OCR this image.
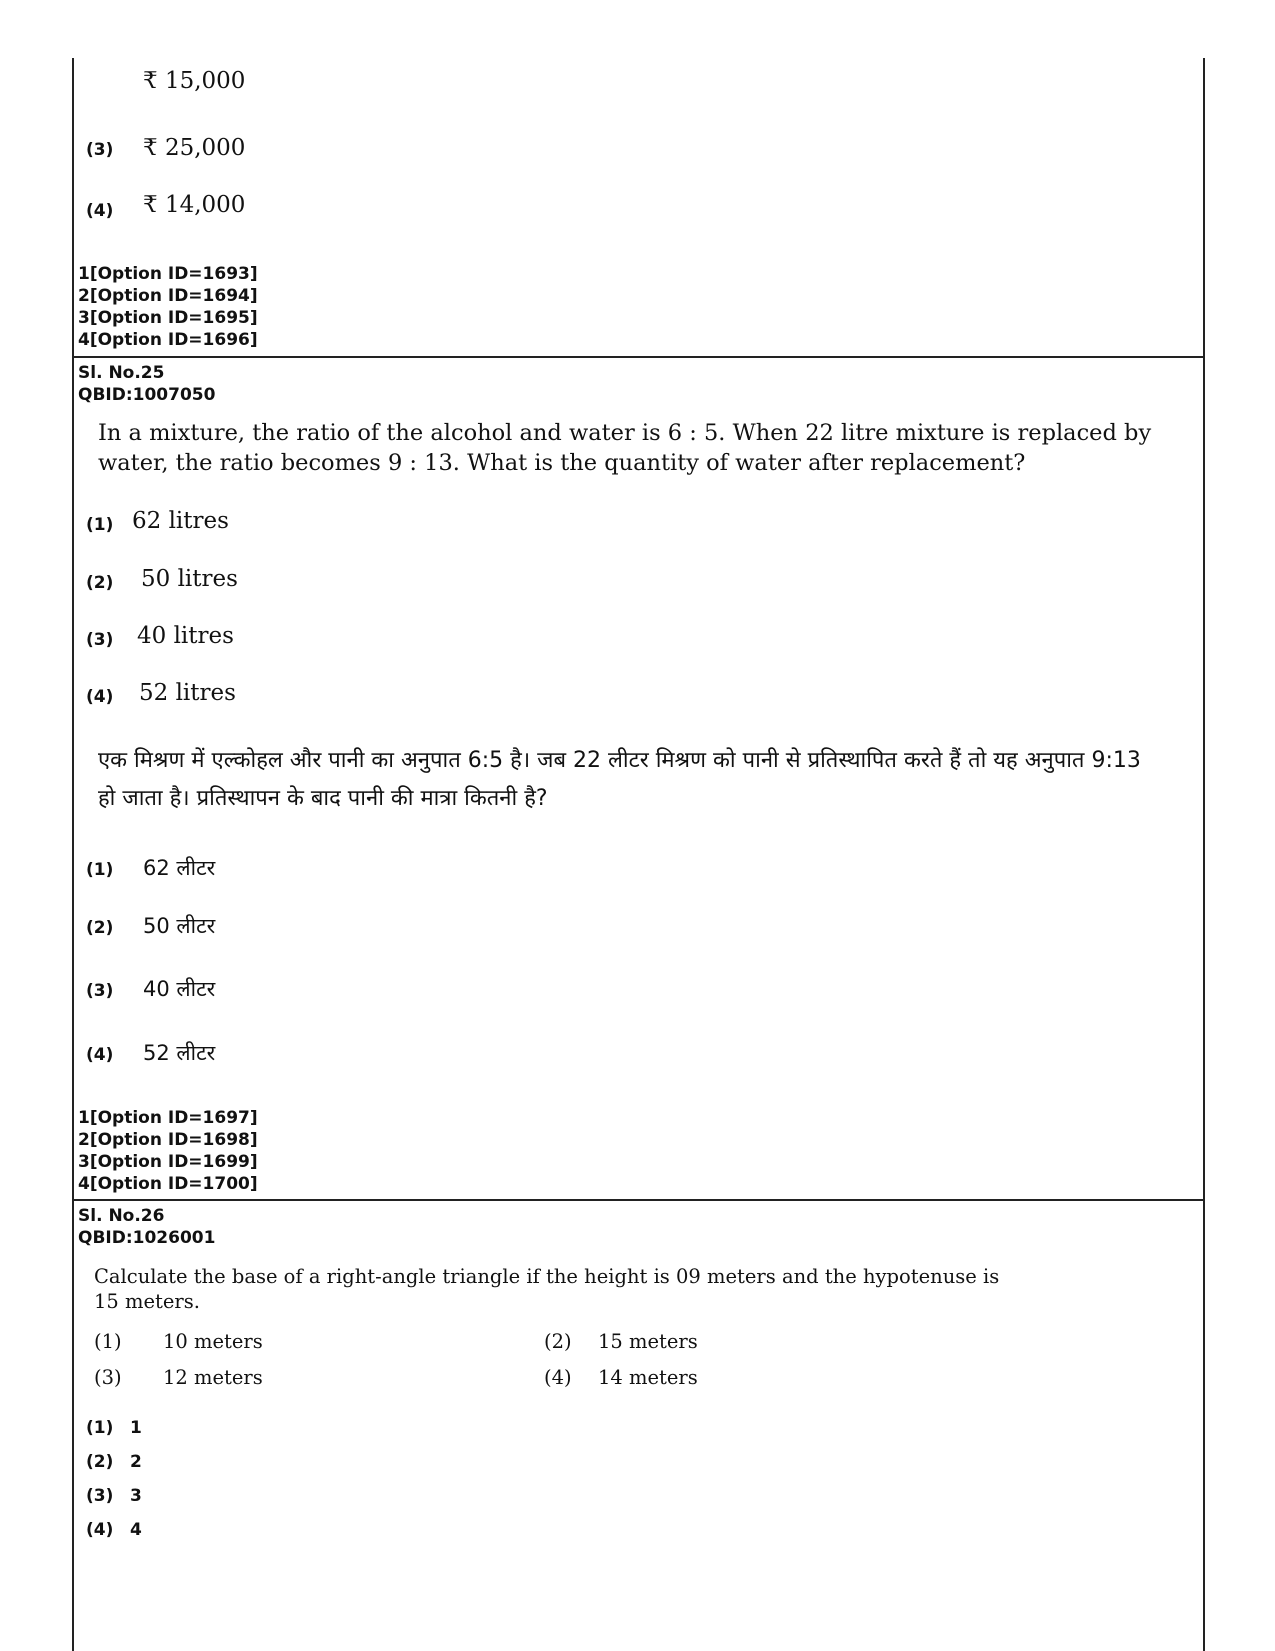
₹ 15,000
(3) ₹ 25,000
(4) ₹ 14,000
1[Option ID=1693]
2[Option ID=1694]
3[Option ID=1695]
4[Option ID=1696]
Sl. No.25
QBID:1007050
In a mixture, the ratio of the alcohol and water is 6 : 5. When 22 litre mixture is replaced by water, the ratio becomes 9 : 13. What is the quantity of water after replacement?
(1) 62 litres
(2) 50 litres
(3) 40 litres
(4) 52 litres
एक मिश्रण में एल्कोहल और पानी का अनुपात 6:5 है। जब 22 लीटर मिश्रण को पानी से प्रतिस्थापित करते हैं तो यह अनुपात 9:13 हो जाता है। प्रतिस्थापन के बाद पानी की मात्रा कितनी है?
(1) 62 लीटर
(2) 50 लीटर
(3) 40 लीटर
(4) 52 लीटर
1[Option ID=1697]
2[Option ID=1698]
3[Option ID=1699]
4[Option ID=1700]
Sl. No.26
QBID:1026001
Calculate the base of a right-angle triangle if the height is 09 meters and the hypotenuse is 15 meters.
(1) 10 meters	(2) 15 meters
(3) 12 meters	(4) 14 meters
(1) 1
(2) 2
(3) 3
(4) 4
